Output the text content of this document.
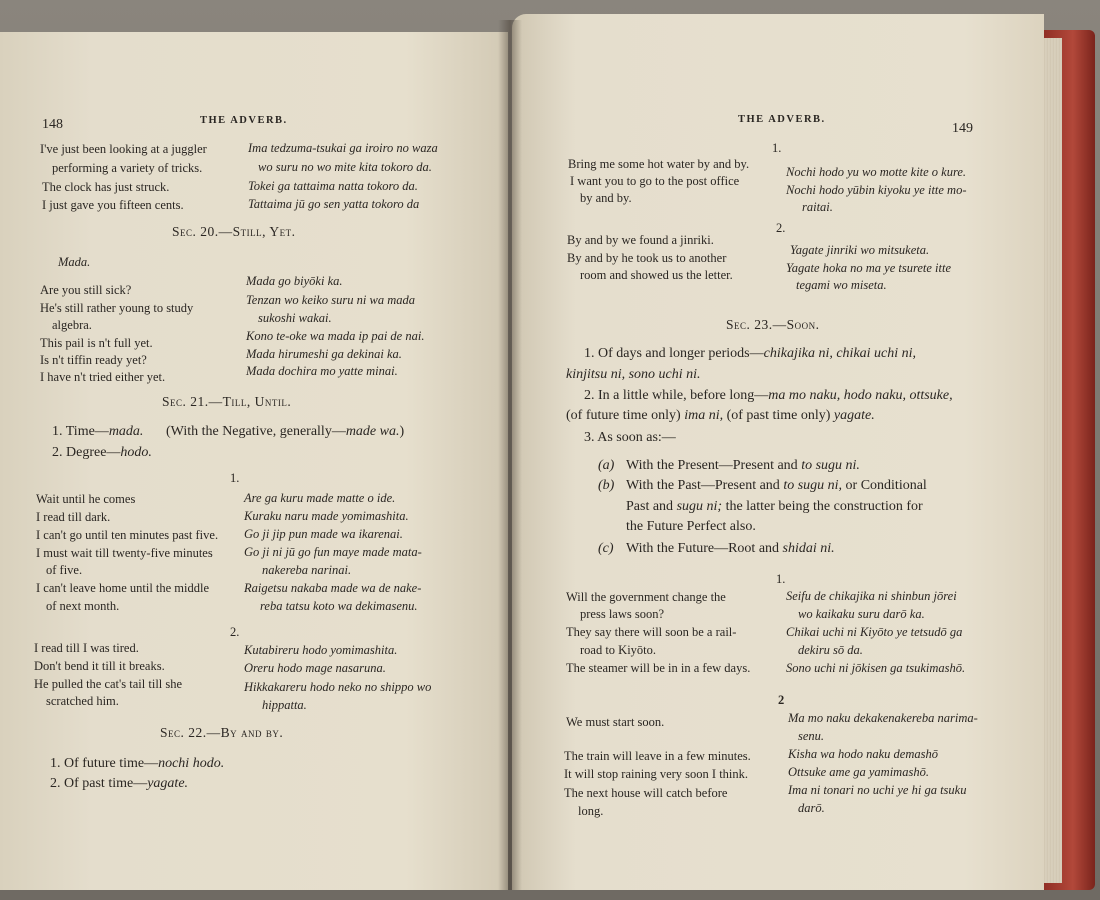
148	THE ADVERB.
I've just been looking at a juggler
performing a variety of tricks.
The clock has just struck.
I just gave you fifteen cents.
Ima tedzuma-tsukai ga iroiro no waza
wo suru no wo mite kita tokoro da.
Tokei ga tattaima natta tokoro da.
Tattaima jū go sen yatta tokoro da
Sec. 20.—Still, Yet.
Mada.
Are you still sick?
He's still rather young to study
algebra.
This pail is n't full yet.
Is n't tiffin ready yet?
I have n't tried either yet.
Mada go biyōki ka.
Tenzan wo keiko suru ni wa mada
sukoshi wakai.
Kono te-oke wa mada ip pai de nai.
Mada hirumeshi ga dekinai ka.
Mada dochira mo yatte minai.
Sec. 21.—Till, Until.
1. Time—mada. (With the Negative, generally—made wa.)
2. Degree—hodo.
1.
Wait until he comes
I read till dark.
I can't go until ten minutes past five.
I must wait till twenty-five minutes
of five.
I can't leave home until the middle
of next month.
Are ga kuru made matte o ide.
Kuraku naru made yomimashita.
Go ji jip pun made wa ikarenai.
Go ji ni jū go fun maye made mata-
nakereba narinai.
Raigetsu nakaba made wa de nake-
reba tatsu koto wa dekimasenu.
2.
I read till I was tired.
Don't bend it till it breaks.
He pulled the cat's tail till she
scratched him.
Kutabireru hodo yomimashita.
Oreru hodo mage nasaruna.
Hikkakareru hodo neko no shippo wo
hippatta.
Sec. 22.—By and by.
1. Of future time—nochi hodo.
2. Of past time—yagate.
THE ADVERB.
149
1.
Bring me some hot water by and by.
I want you to go to the post office
by and by.
Nochi hodo yu wo motte kite o kure.
Nochi hodo yūbin kiyoku ye itte mo-
raitai.
2.
By and by we found a jinriki.
By and by he took us to another
room and showed us the letter.
Yagate jinriki wo mitsuketa.
Yagate hoka no ma ye tsurete itte
tegami wo miseta.
Sec. 23.—Soon.
1. Of days and longer periods—chikajika ni, chikai uchi ni,
kinjitsu ni, sono uchi ni.
2. In a little while, before long—ma mo naku, hodo naku, ottsuke,
(of future time only) ima ni, (of past time only) yagate.
3. As soon as:—
(a) With the Present—Present and to sugu ni.
(b) With the Past—Present and to sugu ni, or Conditional
Past and sugu ni; the latter being the construction for
the Future Perfect also.
(c) With the Future—Root and shidai ni.
1.
Will the government change the
press laws soon?
They say there will soon be a rail-
road to Kiyōto.
The steamer will be in in a few days.
Seifu de chikajika ni shinbun jōrei
wo kaikaku suru darō ka.
Chikai uchi ni Kiyōto ye tetsudō ga
dekiru sō da.
Sono uchi ni jōkisen ga tsukimashō.
2
We must start soon.
The train will leave in a few minutes.
It will stop raining very soon I think.
The next house will catch before
long.
Ma mo naku dekakenakereba narima-
senu.
Kisha wa hodo naku demashō
Ottsuke ame ga yamimashō.
Ima ni tonari no uchi ye hi ga tsuku
darō.
